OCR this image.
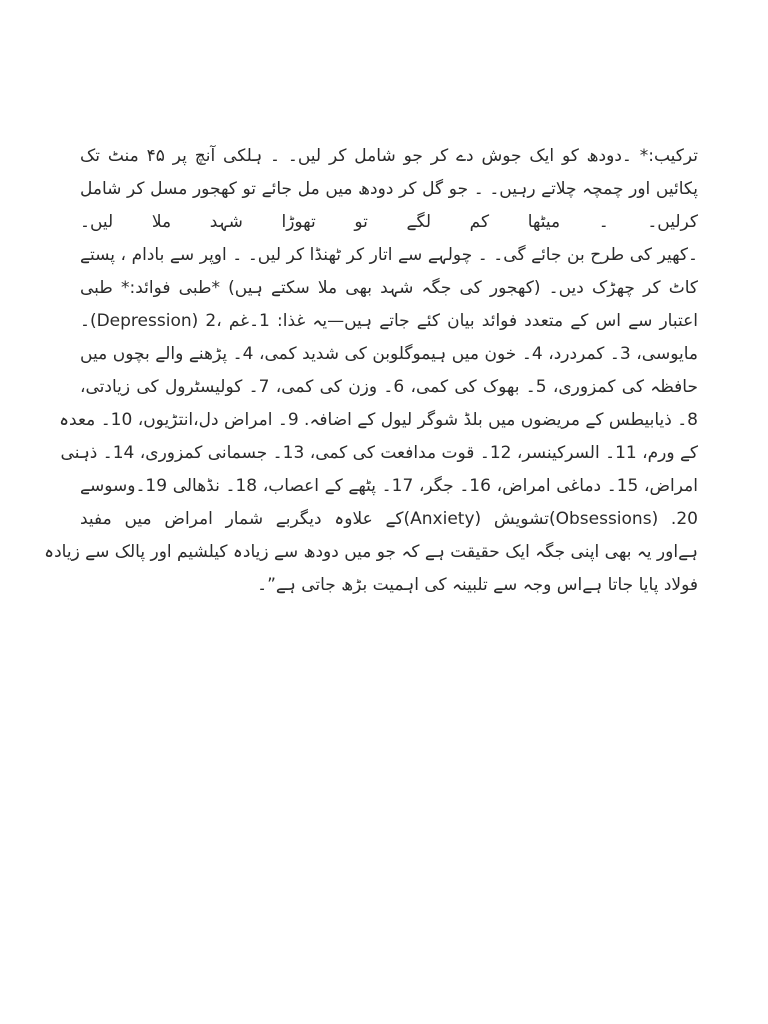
ترکیب:* ۔دودھ کو ایک جوش دے کر جو شامل کر لیں۔ ۔ ہلکی آنچ پر ۴۵ منٹ تک
پکائیں اور چمچہ چلاتے رہیں۔ ۔ جو گل کر دودھ میں مل جائے تو کھجور مسل کر شامل
کرلیں۔ ۔ میٹھا کم لگے تو تھوڑا شہد ملا لیں۔
۔کھیر کی طرح بن جائے گی۔ ۔ چولہے سے اتار کر ٹھنڈا کر لیں۔ ۔ اوپر سے بادام ، پستے
کاٹ کر چھڑک دیں۔ (کھجور کی جگہ شہد بھی ملا سکتے ہیں) *طبی فوائد:* طبی
اعتبار سے اس کے متعدد فوائد بیان کئے جاتے ہیں—یہ غذا: 1۔غم ،2 (Depression)۔
مایوسی، 3۔ کمردرد، 4۔ خون میں ہیموگلوبن کی شدید کمی، 4۔ پڑھنے والے بچوں میں
حافظہ کی کمزوری، 5۔ بھوک کی کمی، 6۔ وزن کی کمی، 7۔ کولیسٹرول کی زیادتی،
8۔ ذیابیطس کے مریضوں میں بلڈ شوگر لیول کے اضافہ. 9۔ امراض دل،انتڑیوں، 10۔ معدہ
کے ورم، 11۔ السرکینسر، 12۔ قوت مدافعت کی کمی، 13۔ جسمانی کمزوری، 14۔ ذہنی
امراض، 15۔ دماغی امراض، 16۔ جگر، 17۔ پٹھے کے اعصاب، 18۔ نڈھالی 19۔وسوسے
20. (Obsessions)تشویش (Anxiety)کے علاوہ دیگربے شمار امراض میں مفید
ہےاور یہ بھی اپنی جگہ ایک حقیقت ہے کہ جو میں دودھ سے زیادہ کیلشیم اور پالک سے زیادہ
فولاد پایا جاتا ہےاس وجہ سے تلبینہ کی اہمیت بڑھ جاتی ہے”۔
